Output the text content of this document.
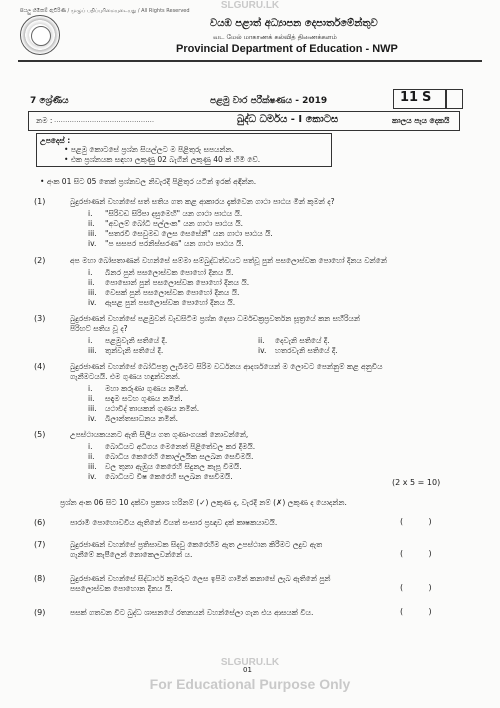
SLGURU.LK
SLGURU.LK
For Educational Purpose Only
සියලු හිමිකම් ඇවිරිණි / முழுப் பதிப்புரிமையுடையது / All Rights Reserved
වයඹ පළාත් අධ්‍යාපන දෙපාර්තමේන්තුව
வட மேல் மாகாணக் கல்வித் திணைக்களம்
Provincial Department of Education - NWP
7 ශ්‍රේණිය	පළමු වාර පරීක්ෂණය - 2019	11 S
නම : .............................................	බුද්ධ ධර්මය - I කොටස	කාලය පැය දෙකයි
උපදෙස් :
• පළමු කොටසේ ප්‍රශ්න සියල්ලට ම පිළිතුරු සපයන්න.
• එක ප්‍රශ්නයක සඳහා ලකුණු 02 බැගින් ලකුණු 40 ක් හිමි වේ.
• අංක 01 සිට 05 තෙක් ප්‍රශ්නවල නිවැරදි පිළිතුර යටින් ඉරක් අඳින්න.
(1)	බුදුරජාණන් වහන්සේ සත් සතිය ගත කළ ආකාරය දැක්වෙන ගාථා පාඨය මින් කුමන් ද?
i. "සිරිවඩ සිරිපා දසුමෙහි" යන ගාථා පාඨය යි.
ii. "අවලම් බෝධී පල්ලංක" යන ගාථා පාඨය යි.
iii. "සතරවී සෙවුමඩ ලෙස සෙසේනී" යන ගාථා පාඨය යි.
iv. "ප සසපර පරනිස්සරණ" යන ගාථා පාඨය යි.
(2)	අප මහා බෝසතාණන් වහන්සේ සම්මා සම්බුද්ධත්වයට පත්වූ පුන් පසලොස්වක පොහෝ දිනය වන්නේ
i. බිනර පුන් පසලොස්වක පොහෝ දිනය යි.
ii. පොසොන් පුන් පසලොස්වක පොහෝ දිනය යි.
iii. වෙසක් පුන් පසලොස්වක පොහෝ දිනය යි.
iv. ඇසළ පුන් පසලොස්වක පොහෝ දිනය යි.
(3)	බුදුරජාණන් වහන්සේ පළමුවන් වැඩසිටිම ප්‍රශ්න දෙසා ධර්මචක්‍රප්‍රවර්තන සූත්‍රයේ කන සහීරියන්
පිරිහට් සතිය වූ ද?
i. පළමුවැනි සතියේ දී.	ii. දෙවැනි සතියේ දී.
iii. තුන්වැනි සතියේ දී.	iv. හතරවැනි සතියේ දී.
(4)	බුදුරජාණන් වහන්සේ බෝධිපත්‍ර ලැබීමට සිරිම වර්ධනය ආදර්ශයෙන් ම ලොවට පෙන්නුම් කළ අනුවිය
ගැනීමටයයි. එම ගුණය හඳුන්වනන්.
i. මහා කරුණා ගුණය නමින්.
ii. සඳැම සටහ ගුණය නමින්.
iii. යථාවිද් තායකන් ගුණය නමින්.
iv. බිලාන්තසාධනය නමින්.
(5)	උපස්ථායකයනට ඇති සිලීය ගත ගුණාංගයක් නොවන්නේ,
i. බොධියට අධිගය මෙනෙත් පිළිතේවල කර දීමයි.
ii. බොධිය කෙරෙහි කොල්ලයික සලඛන සෙවීමයි.
iii. වල තුනා ඇඹුය කෙරෙහි සිදුනල කැපූ වීමයි.
iv. බොධියට විෂ කෙරෙහි සලඛන සෙවීමයි.
(2 x 5 = 10)
ප්‍රශ්න අංක 06 සිට 10 දක්වා ප්‍රකාශ හරිනම් (✓) ලකුණ ද, වැරදි නම් (✗) ලකුණ ද යොදන්න.
(6)	පාරාමී පොහොවවිය ඇතිනේ වියත් සංසාර ප්‍රඥාව දක් කෘෂකයාවයි.	(          )
(7)	බුදුරජාණන් වහන්සේ ප්‍රතිසාවක සිදවු කෙරෙහිම ඇත උපස්ථාන කිරීමට ලදුව ඇත
ගැනීමේ කැපීලෙන් නොකෙලවන්නේ ය.	(          )
(8)	බුදුරජාණන් වහන්සේ සිද්ධාර්ථ කුමරුව ලෙස ඉපිම ගාමින් කනාසේ ලැබ ඇතිනේ පුන්
පසලොස්වක පොහොන දිනය යි.	(          )
(9)	පසක් ගතවන විට බුද්ධ ශාසනයේ රතනයන් වහන්සේලා ගැන එය ආසයක් වීය.	(          )
01
